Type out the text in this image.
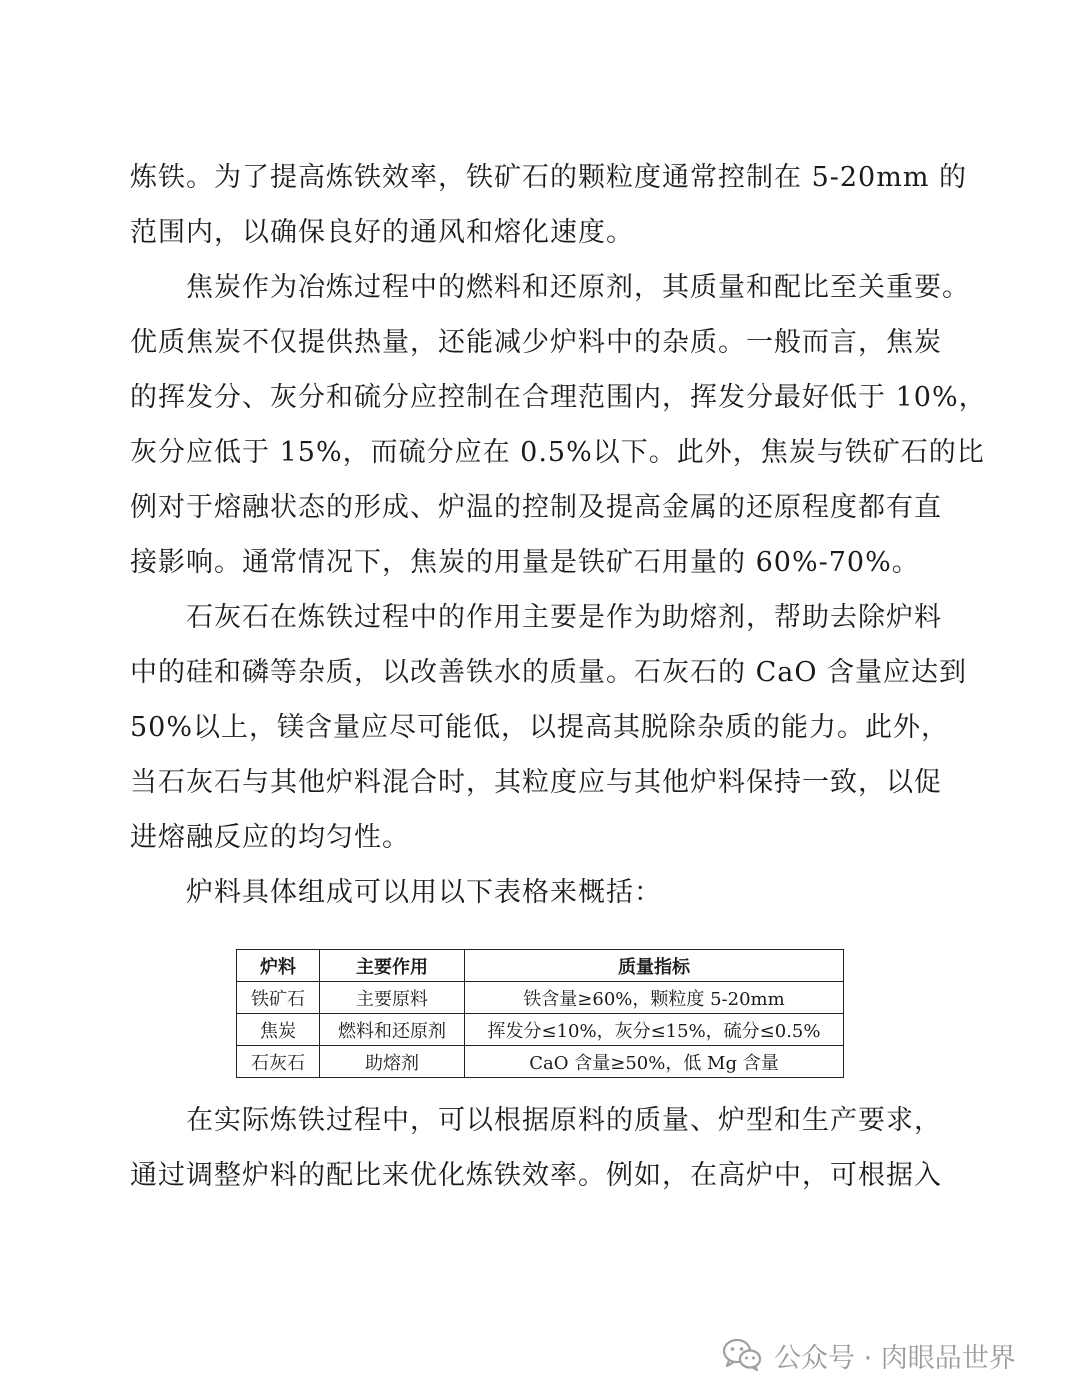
炼铁。为了提高炼铁效率，铁矿石的颗粒度通常控制在 5-20mm 的
范围内，以确保良好的通风和熔化速度。
焦炭作为冶炼过程中的燃料和还原剂，其质量和配比至关重要。
优质焦炭不仅提供热量，还能减少炉料中的杂质。一般而言，焦炭
的挥发分、灰分和硫分应控制在合理范围内，挥发分最好低于 10%，
灰分应低于 15%，而硫分应在 0.5%以下。此外，焦炭与铁矿石的比
例对于熔融状态的形成、炉温的控制及提高金属的还原程度都有直
接影响。通常情况下，焦炭的用量是铁矿石用量的 60%-70%。
石灰石在炼铁过程中的作用主要是作为助熔剂，帮助去除炉料
中的硅和磷等杂质，以改善铁水的质量。石灰石的 CaO 含量应达到
50%以上，镁含量应尽可能低，以提高其脱除杂质的能力。此外，
当石灰石与其他炉料混合时，其粒度应与其他炉料保持一致，以促
进熔融反应的均匀性。
炉料具体组成可以用以下表格来概括：
炉料	主要作用	质量指标
铁矿石	主要原料	铁含量≥60%，颗粒度 5-20mm
焦炭	燃料和还原剂	挥发分≤10%，灰分≤15%，硫分≤0.5%
石灰石	助熔剂	CaO 含量≥50%，低 Mg 含量
在实际炼铁过程中，可以根据原料的质量、炉型和生产要求，
通过调整炉料的配比来优化炼铁效率。例如，在高炉中，可根据入
公众号 · 肉眼品世界
